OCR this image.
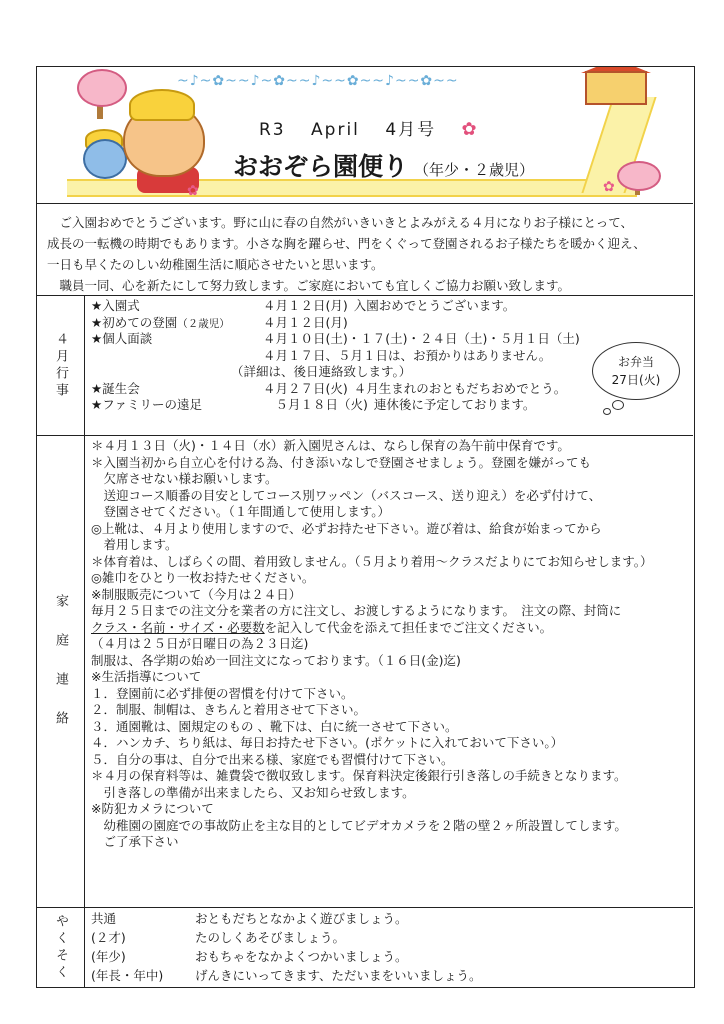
~♪~✿~~♪~✿~~♪~~✿~~♪~~✿~~
✿	✿
R3 April 4月号 ✿
おおぞら園便り （年少・２歳児）

　ご入園おめでとうございます。野に山に春の自然がいきいきとよみがえる４月になりお子様にとって、

成長の一転機の時期でもあります。小さな胸を躍らせ、門をくぐって登園されるお子様たちを暖かく迎え、

一日も早くたのしい幼稚園生活に順応させたいと思います。

　職員一同、心を新たにして努力致します。ご家庭においても宜しくご協力お願い致します。

４月行事
★入園式	４月１２日(月) 入園おめでとうございます。
★初めての登園（２歳児）	４月１２日(月)
★個人面談	４月１０日(土)・１７(土)・２４日（土)・５月１日（土)
４月１７日、５月１日は、お預かりはありません。
（詳細は、後日連絡致します。）
★誕生会	４月２７日(火) ４月生まれのおともだちおめでとう。
★ファミリーの遠足	　５月１８日（火) 連休後に予定しております。
お弁当
27日(火)
家庭連絡
＊４月１３日（火)・１４日（水）新入園児さんは、ならし保育の為午前中保育です。
＊入園当初から自立心を付ける為、付き添いなしで登園させましょう。登園を嫌がっても
　欠席させない様お願いします。
　送迎コース順番の目安としてコース別ワッペン（バスコース、送り迎え）を必ず付けて、
　登園させてください。（１年間通して使用します。）
◎上靴は、４月より使用しますので、必ずお持たせ下さい。遊び着は、給食が始まってから
　着用します。
＊体育着は、しばらくの間、着用致しません。（５月より着用～クラスだよりにてお知らせします。）
◎雑巾をひとり一枚お持たせください。
※制服販売について（今月は２４日）
毎月２５日までの注文分を業者の方に注文し、お渡しするようになります。　注文の際、封筒に
クラス・名前・サイズ・必要数を記入して代金を添えて担任までご注文ください。
（４月は２５日が日曜日の為２３日迄)
制服は、各学期の始め一回注文になっております。（１６日(金)迄)
※生活指導について
１．登園前に必ず排便の習慣を付けて下さい。
２．制服、制帽は、きちんと着用させて下さい。
３．通園靴は、園規定のもの 、靴下は、白に統一させて下さい。
４．ハンカチ、ちり紙は、毎日お持たせ下さい。(ポケットに入れておいて下さい。）
５．自分の事は、自分で出来る様、家庭でも習慣付けて下さい。
＊４月の保育料等は、雑費袋で徴収致します。保育料決定後銀行引き落しの手続きとなります。
　引き落しの準備が出来ましたら、又お知らせ致します。
※防犯カメラについて
　幼稚園の園庭での事故防止を主な目的としてビデオカメラを２階の壁２ヶ所設置してします。
　ご了承下さい
やくそく 共通	おともだちとなかよく遊びましょう。
(２才)	たのしくあそびましょう。
(年少)	おもちゃをなかよくつかいましょう。
(年長・年中)	げんきにいってきます、ただいまをいいましょう。
